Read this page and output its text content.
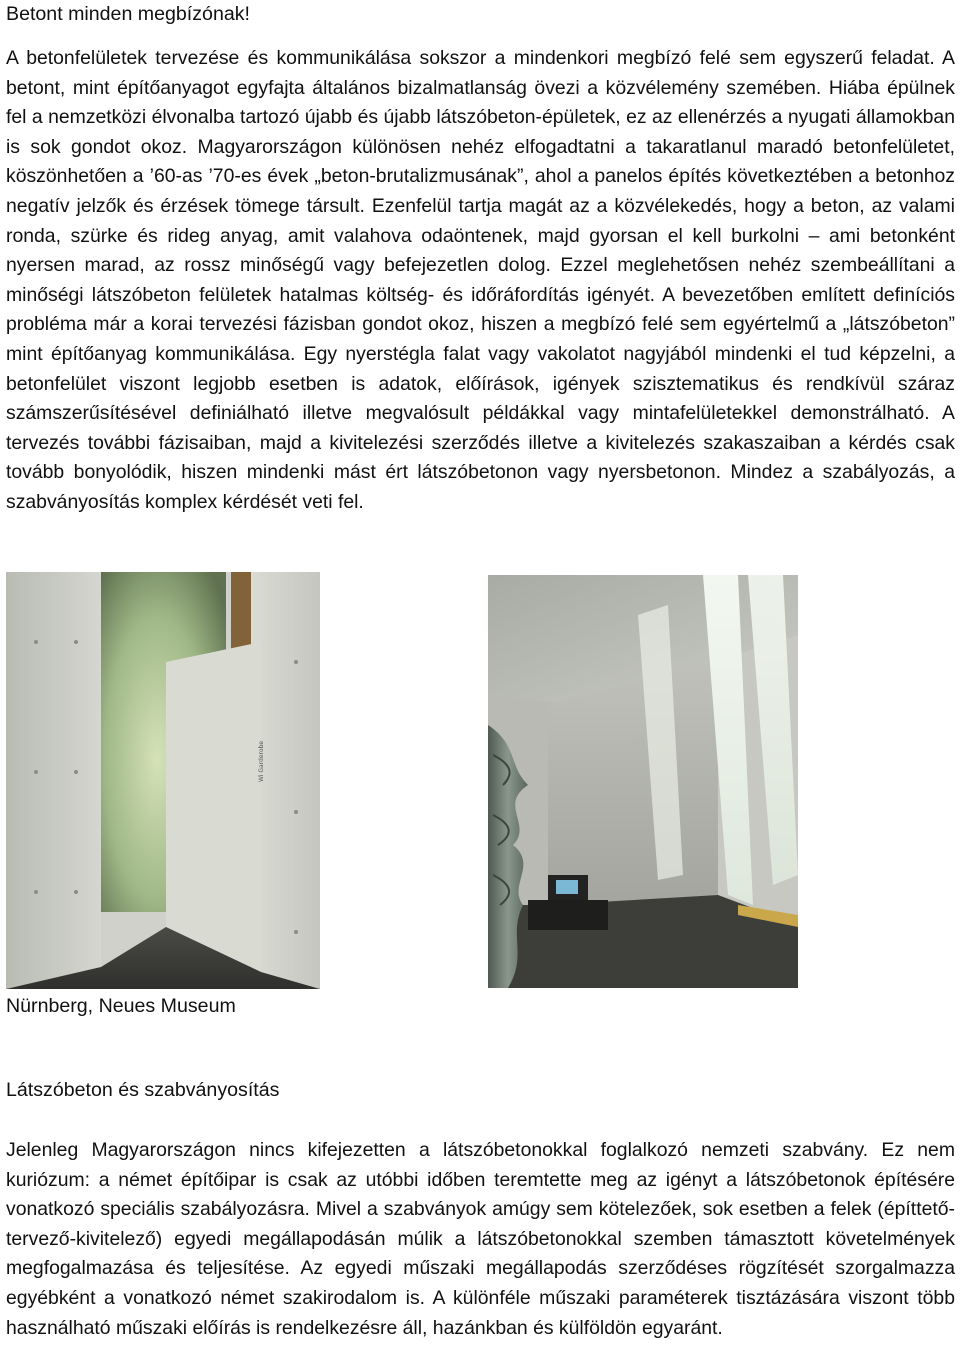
Betont minden megbízónak!

A betonfelületek tervezése és kommunikálása sokszor a mindenkori megbízó felé sem egyszerű feladat. A betont, mint építőanyagot egyfajta általános bizalmatlanság övezi a közvélemény szemében. Hiába épülnek fel a nemzetközi élvonalba tartozó újabb és újabb látszóbeton-épületek, ez az ellenérzés a nyugati államokban is sok gondot okoz. Magyarországon különösen nehéz elfogadtatni a takaratlanul maradó betonfelületet, köszönhetően a ’60-as ’70-es évek „beton-brutalizmusának”, ahol a panelos építés következtében a betonhoz negatív jelzők és érzések tömege társult. Ezenfelül tartja magát az a közvélekedés, hogy a beton, az valami ronda, szürke és rideg anyag, amit valahova odaöntenek, majd gyorsan el kell burkolni – ami betonként nyersen marad, az rossz minőségű vagy befejezetlen dolog. Ezzel meglehetősen nehéz szembeállítani a minőségi látszóbeton felületek hatalmas költség- és időráfordítás igényét. A bevezetőben említett definíciós probléma már a korai tervezési fázisban gondot okoz, hiszen a megbízó felé sem egyértelmű a „látszóbeton” mint építőanyag kommunikálása. Egy nyerstégla falat vagy vakolatot nagyjából mindenki el tud képzelni, a betonfelület viszont legjobb esetben is adatok, előírások, igények szisztematikus és rendkívül száraz számszerűsítésével definiálható illetve megvalósult példákkal vagy mintafelületekkel demonstrálható. A tervezés további fázisaiban, majd a kivitelezési szerződés illetve a kivitelezés szakaszaiban a kérdés csak tovább bonyolódik, hiszen mindenki mást ért látszóbetonon vagy nyersbetonon. Mindez a szabályozás, a szabványosítás komplex kérdését veti fel.

Wi Garderobe

Nürnberg, Neues Museum

Látszóbeton és szabványosítás

Jelenleg Magyarországon nincs kifejezetten a látszóbetonokkal foglalkozó nemzeti szabvány. Ez nem kuriózum: a német építőipar is csak az utóbbi időben teremtette meg az igényt a látszóbetonok építésére vonatkozó speciális szabályozásra. Mivel a szabványok amúgy sem kötelezőek, sok esetben a felek (építtető-tervező-kivitelező) egyedi megállapodásán múlik a látszóbetonokkal szemben támasztott követelmények megfogalmazása és teljesítése. Az egyedi műszaki megállapodás szerződéses rögzítését szorgalmazza egyébként a vonatkozó német szakirodalom is. A különféle műszaki paraméterek tisztázására viszont több használható műszaki előírás is rendelkezésre áll, hazánkban és külföldön egyaránt.
